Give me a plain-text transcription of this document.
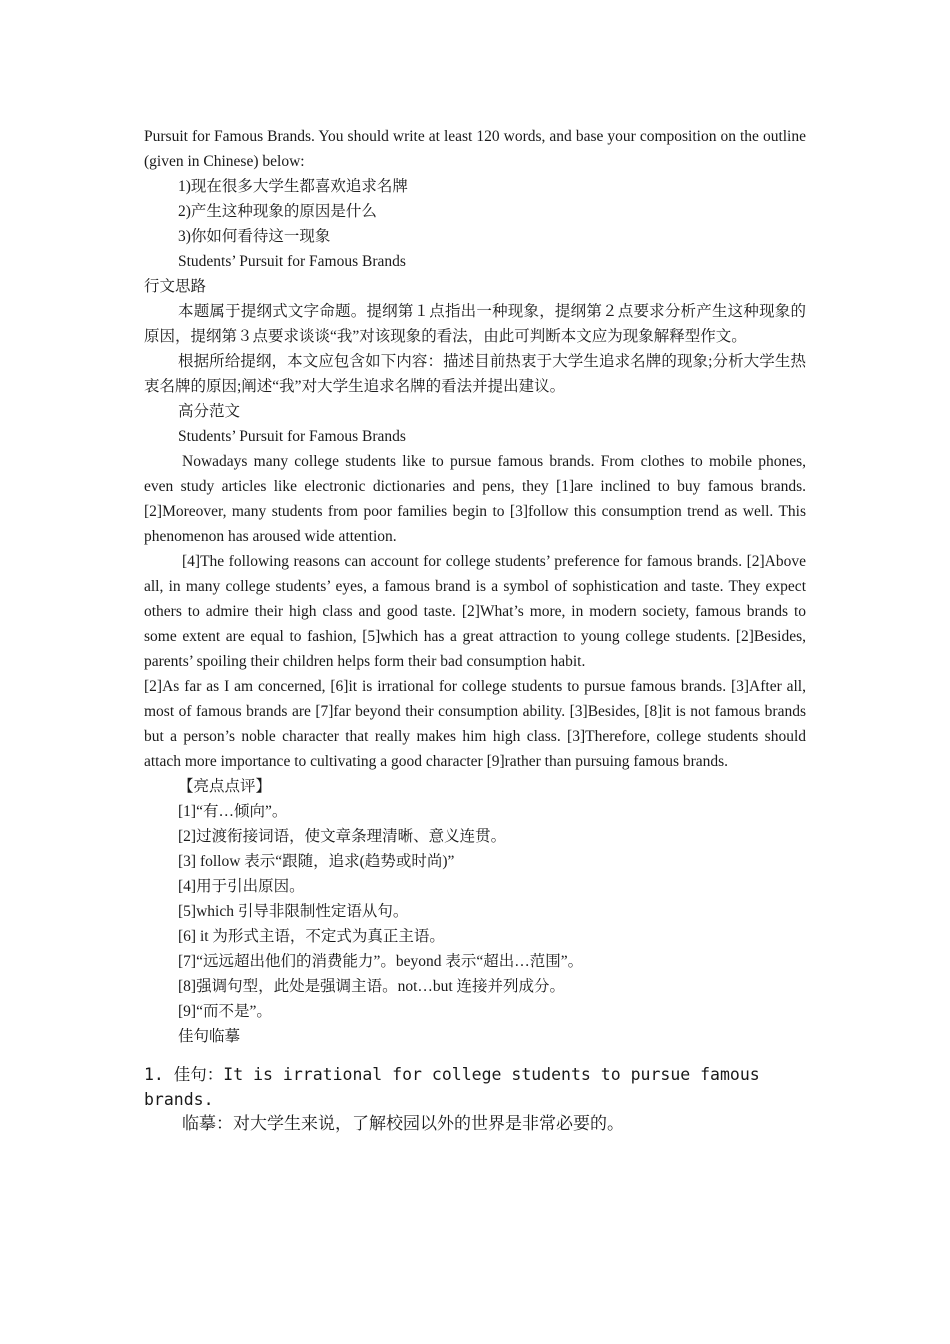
Pursuit for Famous Brands. You should write at least 120 words, and base your composition on the outline (given in Chinese) below:
1)现在很多大学生都喜欢追求名牌
2)产生这种现象的原因是什么
3)你如何看待这一现象
Students’ Pursuit for Famous Brands
行文思路
本题属于提纲式文字命题。提纲第１点指出一种现象，提纲第２点要求分析产生这种现象的原因，提纲第３点要求谈谈“我”对该现象的看法，由此可判断本文应为现象解释型作文。
根据所给提纲，本文应包含如下内容：描述目前热衷于大学生追求名牌的现象;分析大学生热衷名牌的原因;阐述“我”对大学生追求名牌的看法并提出建议。
高分范文
Students’ Pursuit for Famous Brands
Nowadays many college students like to pursue famous brands. From clothes to mobile phones, even study articles like electronic dictionaries and pens, they [1]are inclined to buy famous brands. [2]Moreover, many students from poor families begin to [3]follow this consumption trend as well. This phenomenon has aroused wide attention.
[4]The following reasons can account for college students’ preference for famous brands. [2]Above all, in many college students’ eyes, a famous brand is a symbol of sophistication and taste. They expect others to admire their high class and good taste. [2]What’s more, in modern society, famous brands to some extent are equal to fashion, [5]which has a great attraction to young college students. [2]Besides, parents’ spoiling their children helps form their bad consumption habit.
[2]As far as I am concerned, [6]it is irrational for college students to pursue famous brands. [3]After all, most of famous brands are [7]far beyond their consumption ability. [3]Besides, [8]it is not famous brands but a person’s noble character that really makes him high class. [3]Therefore, college students should attach more importance to cultivating a good character [9]rather than pursuing famous brands.
【亮点点评】
[1]“有…倾向”。
[2]过渡衔接词语，使文章条理清晰、意义连贯。
[3] follow 表示“跟随，追求(趋势或时尚)”
[4]用于引出原因。
[5]which 引导非限制性定语从句。
[6] it 为形式主语，不定式为真正主语。
[7]“远远超出他们的消费能力”。beyond 表示“超出…范围”。
[8]强调句型，此处是强调主语。not…but 连接并列成分。
[9]“而不是”。
佳句临摹
1. 佳句：It is irrational for college students to pursue famous
brands.
临摹：对大学生来说，了解校园以外的世界是非常必要的。
